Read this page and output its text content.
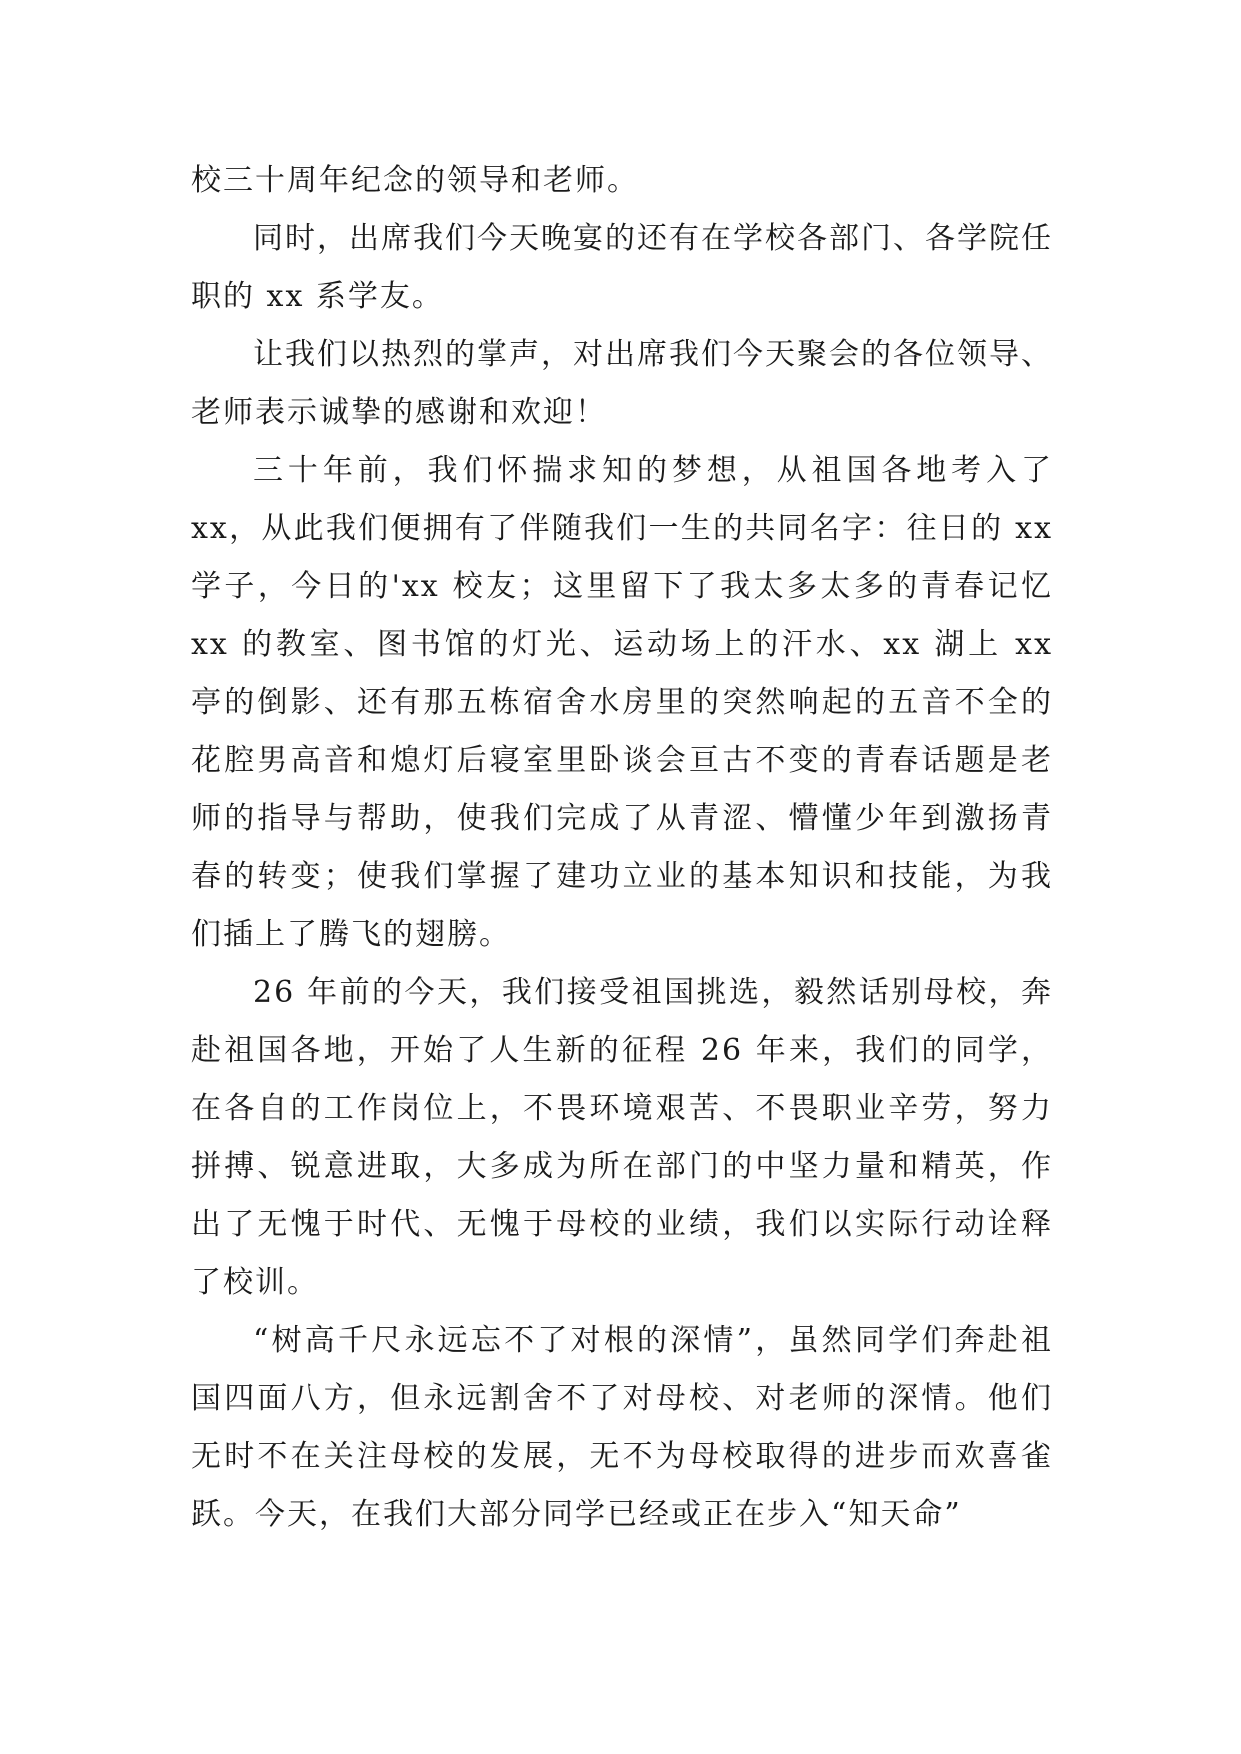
校三十周年纪念的领导和老师。

同时，出席我们今天晚宴的还有在学校各部门、各学院任职的 xx 系学友。

让我们以热烈的掌声，对出席我们今天聚会的各位领导、老师表示诚挚的感谢和欢迎！

三十年前，我们怀揣求知的梦想，从祖国各地考入了 xx，从此我们便拥有了伴随我们一生的共同名字：往日的 xx 学子，今日的'xx 校友；这里留下了我太多太多的青春记忆 xx 的教室、图书馆的灯光、运动场上的汗水、xx 湖上 xx 亭的倒影、还有那五栋宿舍水房里的突然响起的五音不全的花腔男高音和熄灯后寝室里卧谈会亘古不变的青春话题是老师的指导与帮助，使我们完成了从青涩、懵懂少年到激扬青春的转变；使我们掌握了建功立业的基本知识和技能，为我们插上了腾飞的翅膀。

26 年前的今天，我们接受祖国挑选，毅然话别母校，奔赴祖国各地，开始了人生新的征程 26 年来，我们的同学，在各自的工作岗位上，不畏环境艰苦、不畏职业辛劳，努力拼搏、锐意进取，大多成为所在部门的中坚力量和精英，作出了无愧于时代、无愧于母校的业绩，我们以实际行动诠释了校训。

“树高千尺永远忘不了对根的深情”，虽然同学们奔赴祖国四面八方，但永远割舍不了对母校、对老师的深情。他们无时不在关注母校的发展，无不为母校取得的进步而欢喜雀跃。今天，在我们大部分同学已经或正在步入“知天命”
